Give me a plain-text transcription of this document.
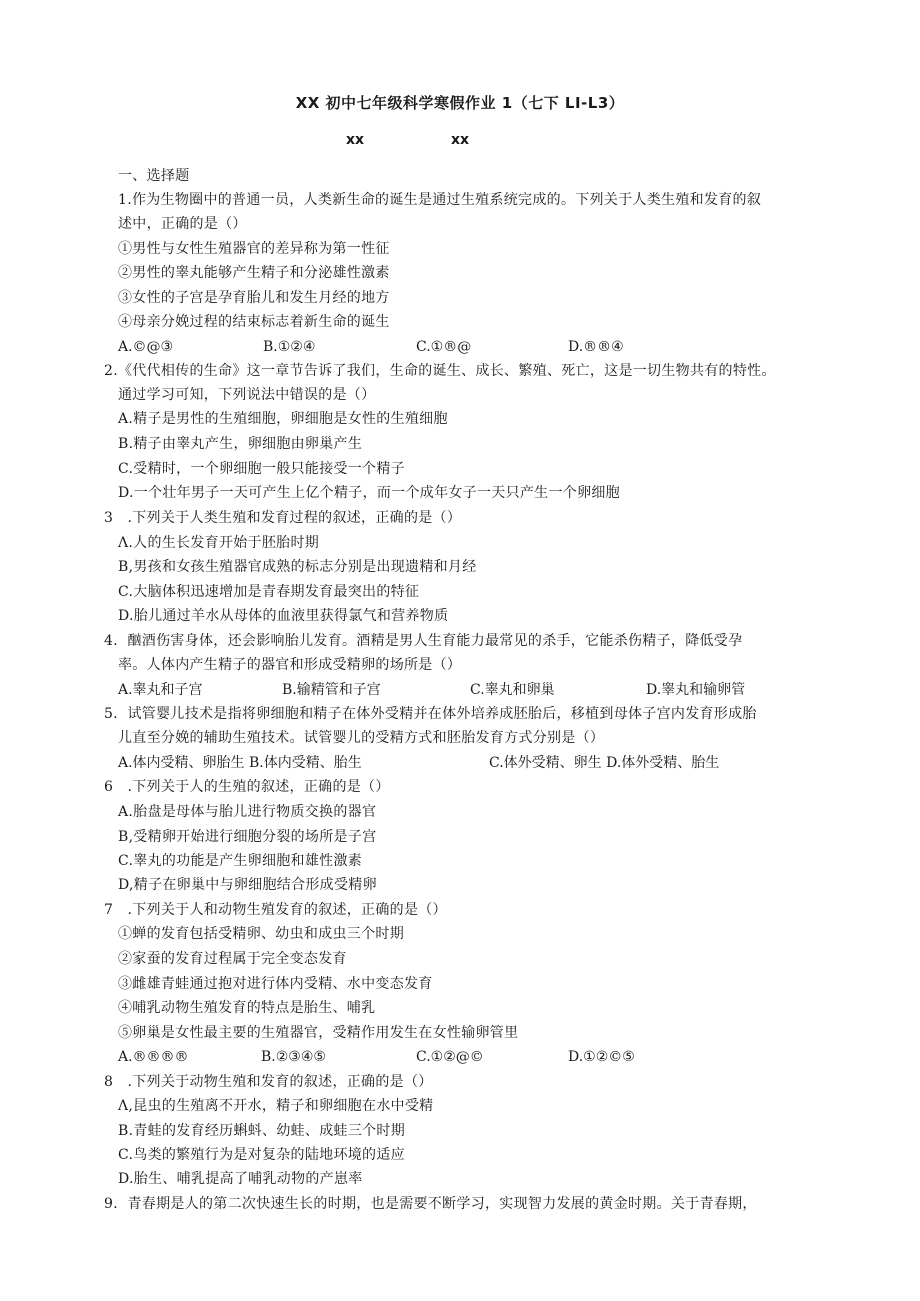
XX 初中七年级科学寒假作业 1（七下 LI-L3）
xx	xx
一、选择题
1.作为生物圈中的普通一员，人类新生命的诞生是通过生殖系统完成的。下列关于人类生殖和发育的叙
述中，正确的是（）
①男性与女性生殖器官的差异称为第一性征
②男性的睾丸能够产生精子和分泌雄性激素
③女性的子宫是孕育胎儿和发生月经的地方
④母亲分娩过程的结束标志着新生命的诞生
A.©@③	B.①②④	C.①®@	D.®®④
2.《代代相传的生命》这一章节告诉了我们，生命的诞生、成长、繁殖、死亡，这是一切生物共有的特性。
通过学习可知，下列说法中错误的是（）
A.精子是男性的生殖细胞，卵细胞是女性的生殖细胞
B.精子由睾丸产生，卵细胞由卵巢产生
C.受精时，一个卵细胞一般只能接受一个精子
D.一个壮年男子一天可产生上亿个精子，而一个成年女子一天只产生一个卵细胞
3　.下列关于人类生殖和发育过程的叙述，正确的是（）
Λ.人的生长发育开始于胚胎时期
B,男孩和女孩生殖器官成熟的标志分别是出现遗精和月经
C.大脑体积迅速增加是青春期发育最突出的特征
D.胎儿通过羊水从母体的血液里获得氯气和营养物质
4．酗酒伤害身体，还会影响胎儿发育。酒精是男人生育能力最常见的杀手，它能杀伤精子，降低受孕
率。人体内产生精子的器官和形成受精卵的场所是（）
A.睾丸和子宫	B.输精管和子宫	C.睾丸和卵巢	D.睾丸和输卵管
5．试管婴儿技术是指将卵细胞和精子在体外受精并在体外培养成胚胎后，移植到母体子宫内发育形成胎
儿直至分娩的辅助生殖技术。试管婴儿的受精方式和胚胎发育方式分别是（）
A.体内受精、卵胎生 B.体内受精、胎生	C.体外受精、卵生 D.体外受精、胎生
6　.下列关于人的生殖的叙述，正确的是（）
A.胎盘是母体与胎儿进行物质交换的器官
B,受精卵开始进行细胞分裂的场所是子宫
C.睾丸的功能是产生卵细胞和雄性激素
D,精子在卵巢中与卵细胞结合形成受精卵
7　.下列关于人和动物生殖发育的叙述，正确的是（）
①蝉的发育包括受精卵、幼虫和成虫三个时期
②家蚕的发育过程属于完全变态发育
③雌雄青蛙通过抱对进行体内受精、水中变态发育
④哺乳动物生殖发育的特点是胎生、哺乳
⑤卵巢是女性最主要的生殖器官，受精作用发生在女性输卵管里
A.®®®®	B.②③④⑤	C.①②@©	D.①②©⑤
8　.下列关于动物生殖和发育的叙述，正确的是（）
Λ,昆虫的生殖离不开水，精子和卵细胞在水中受精
B.青蛙的发育经历蝌蚪、幼蛙、成蛙三个时期
C.鸟类的繁殖行为是对复杂的陆地环境的适应
D.胎生、哺乳提高了哺乳动物的产崽率
9．青春期是人的第二次快速生长的时期，也是需要不断学习，实现智力发展的黄金时期。关于青春期，
